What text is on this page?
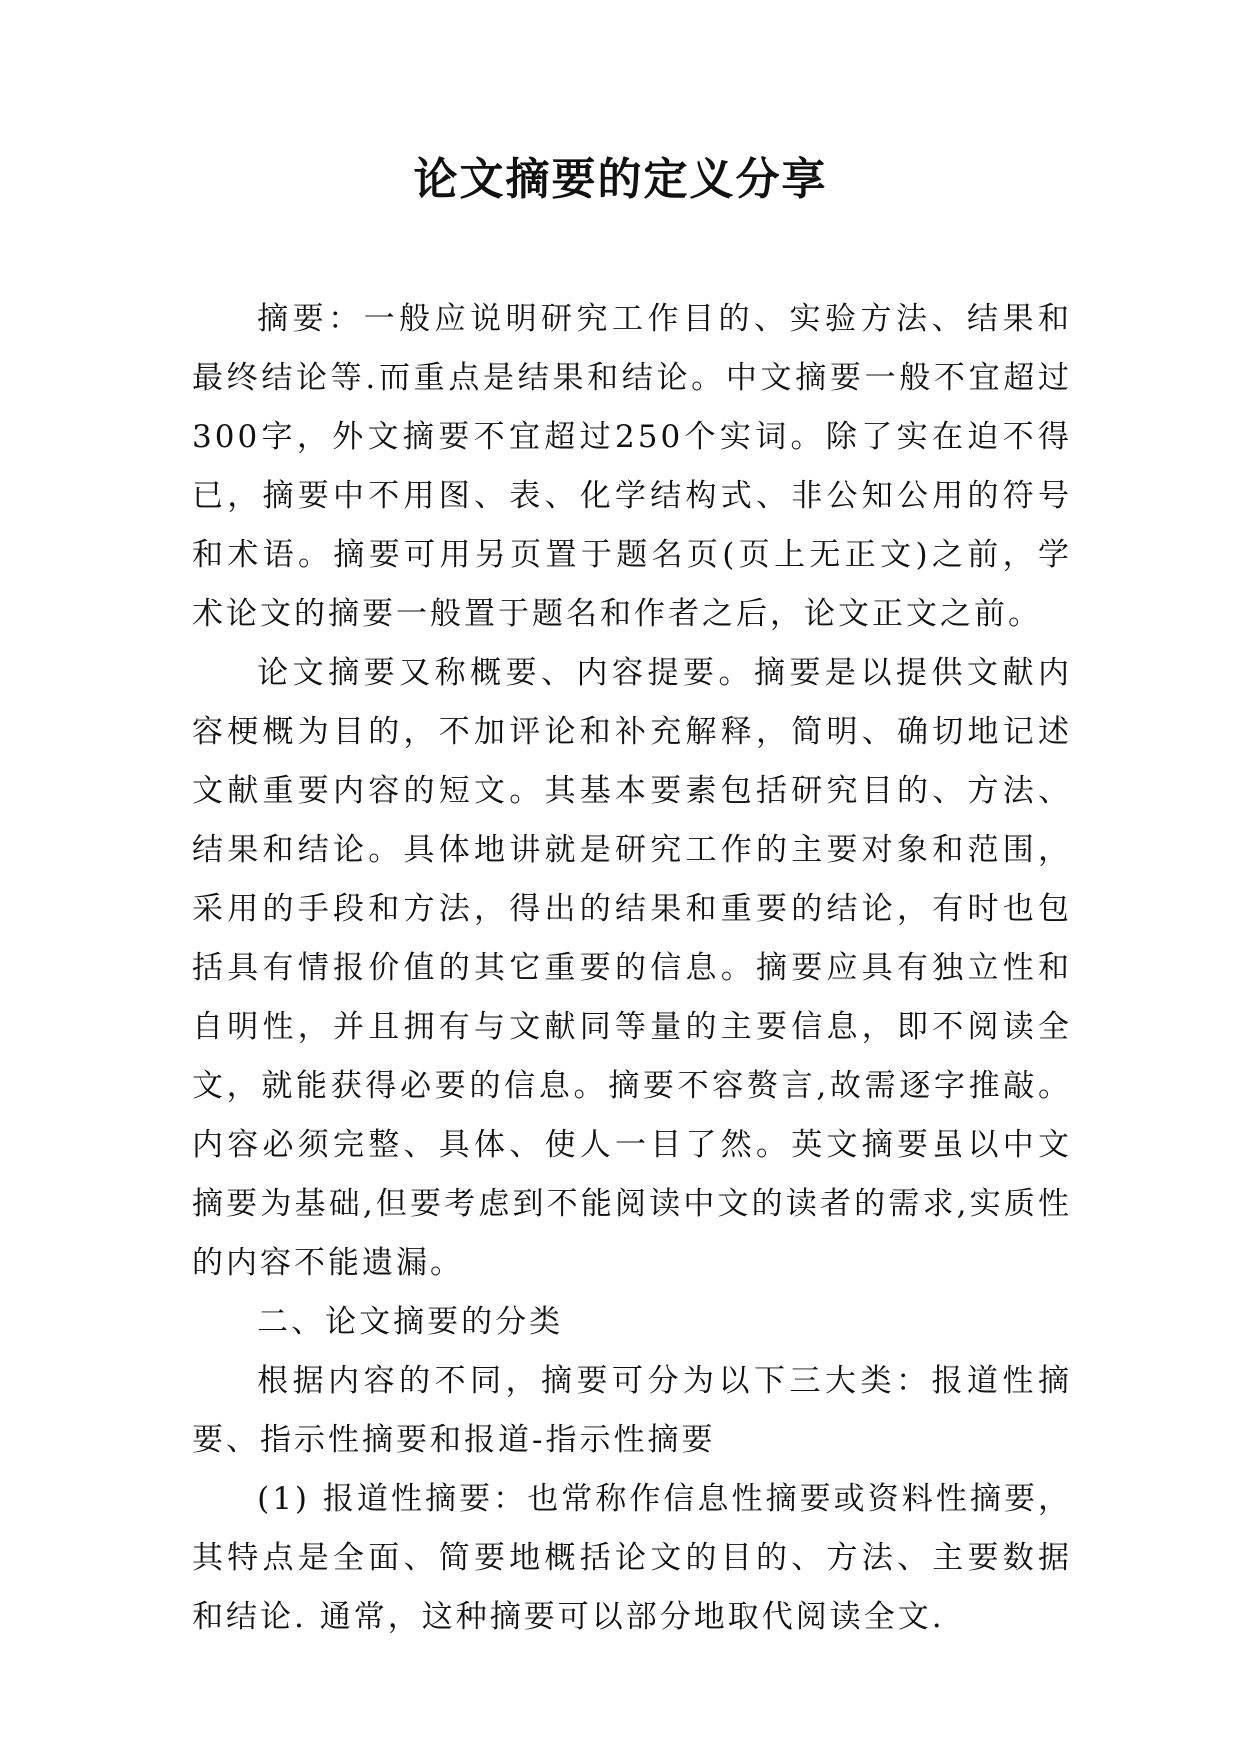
论文摘要的定义分享

摘要：一般应说明研究工作目的、实验方法、结果和最终结论等.而重点是结果和结论。中文摘要一般不宜超过300字，外文摘要不宜超过250个实词。除了实在迫不得已，摘要中不用图、表、化学结构式、非公知公用的符号和术语。摘要可用另页置于题名页(页上无正文)之前，学术论文的摘要一般置于题名和作者之后，论文正文之前。

论文摘要又称概要、内容提要。摘要是以提供文献内容梗概为目的，不加评论和补充解释，简明、确切地记述文献重要内容的短文。其基本要素包括研究目的、方法、结果和结论。具体地讲就是研究工作的主要对象和范围，采用的手段和方法，得出的结果和重要的结论，有时也包括具有情报价值的其它重要的信息。摘要应具有独立性和自明性，并且拥有与文献同等量的主要信息，即不阅读全文，就能获得必要的信息。摘要不容赘言,故需逐字推敲。内容必须完整、具体、使人一目了然。英文摘要虽以中文摘要为基础,但要考虑到不能阅读中文的读者的需求,实质性的内容不能遗漏。

二、论文摘要的分类

根据内容的不同，摘要可分为以下三大类：报道性摘要、指示性摘要和报道-指示性摘要

(1) 报道性摘要：也常称作信息性摘要或资料性摘要，其特点是全面、简要地概括论文的目的、方法、主要数据和结论. 通常，这种摘要可以部分地取代阅读全文.
